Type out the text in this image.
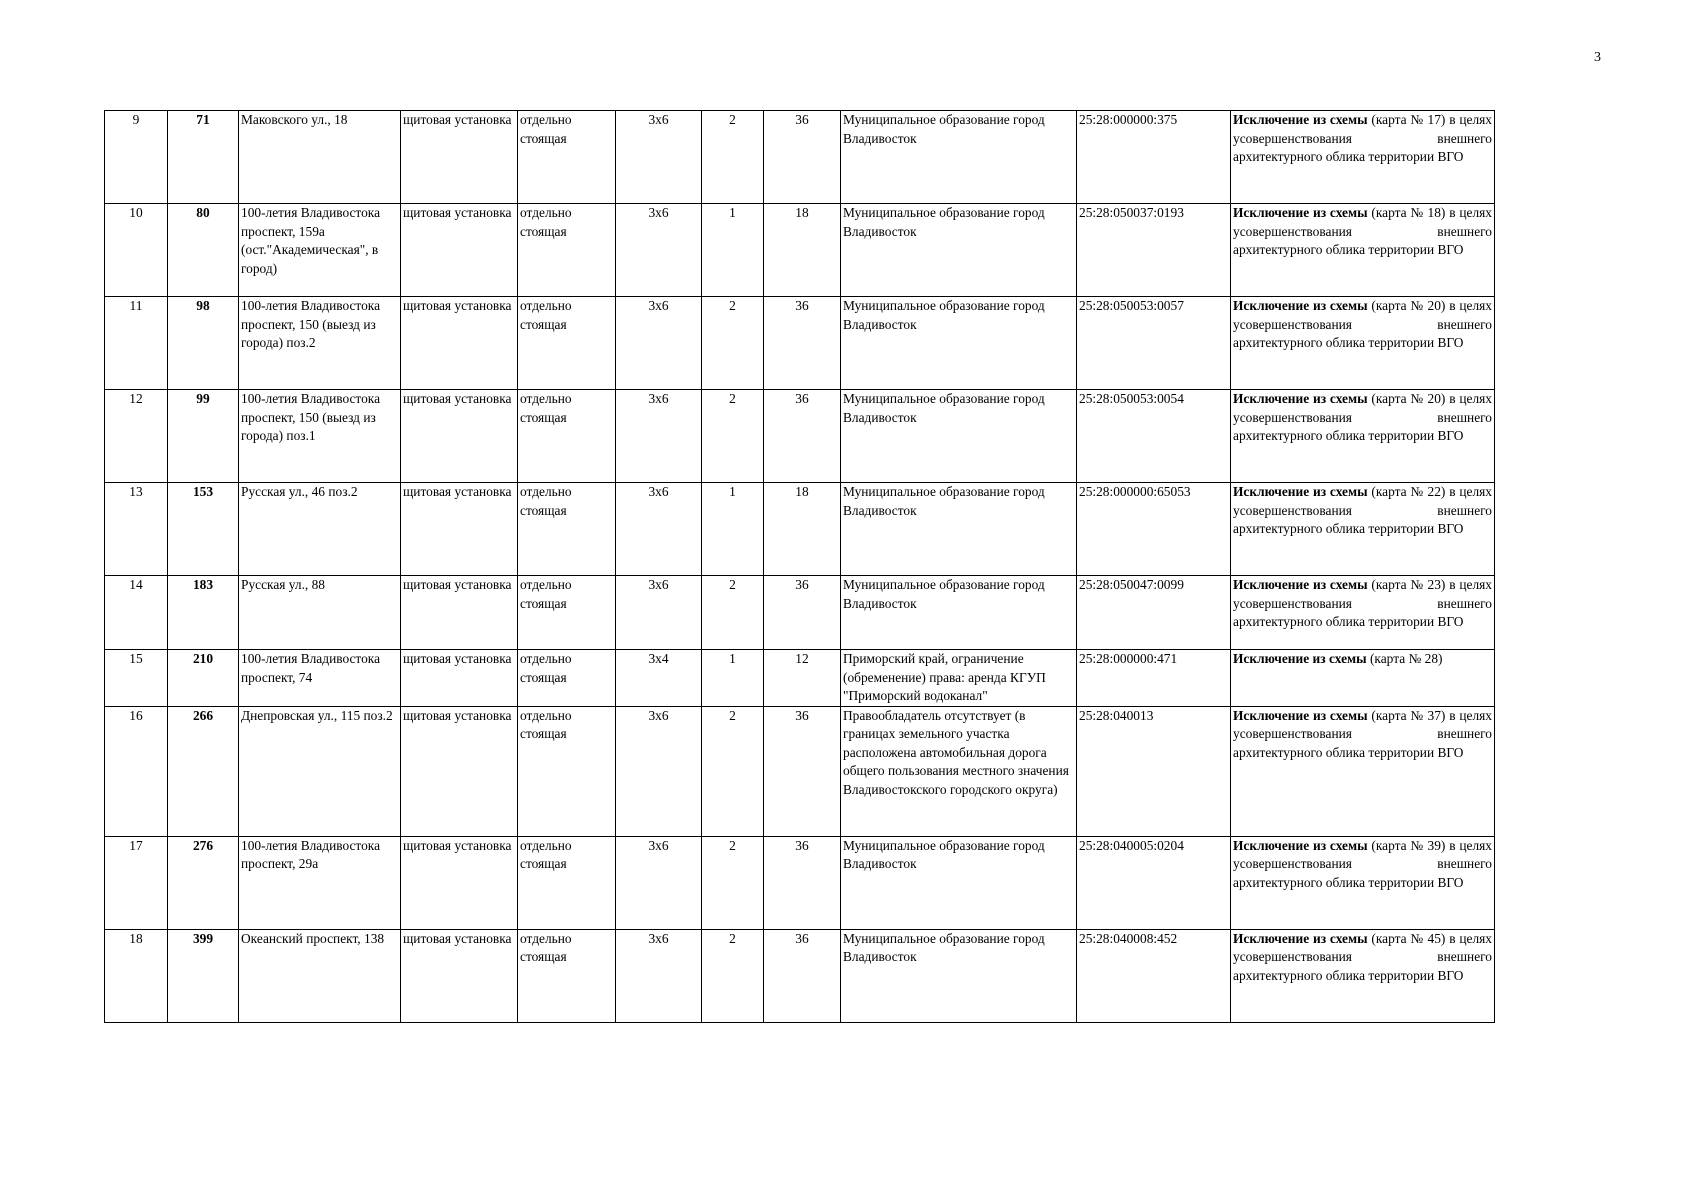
3
9	71	Маковского ул., 18	щитовая установка	отдельно стоящая	3х6	2	36	Муниципальное образование город Владивосток	25:28:000000:375	Исключение из схемы (карта № 17) в целях усовершенствования внешнего архитектурного облика территории ВГО
10	80	100-летия Владивостока проспект, 159а (ост."Академическая", в город)	щитовая установка	отдельно стоящая	3х6	1	18	Муниципальное образование город Владивосток	25:28:050037:0193	Исключение из схемы (карта № 18) в целях усовершенствования внешнего архитектурного облика территории ВГО
11	98	100-летия Владивостока проспект, 150 (выезд из города) поз.2	щитовая установка	отдельно стоящая	3х6	2	36	Муниципальное образование город Владивосток	25:28:050053:0057	Исключение из схемы (карта № 20) в целях усовершенствования внешнего архитектурного облика территории ВГО
12	99	100-летия Владивостока проспект, 150 (выезд из города) поз.1	щитовая установка	отдельно стоящая	3х6	2	36	Муниципальное образование город Владивосток	25:28:050053:0054	Исключение из схемы (карта № 20) в целях усовершенствования внешнего архитектурного облика территории ВГО
13	153	Русская ул., 46 поз.2	щитовая установка	отдельно стоящая	3х6	1	18	Муниципальное образование город Владивосток	25:28:000000:65053	Исключение из схемы (карта № 22) в целях усовершенствования внешнего архитектурного облика территории ВГО
14	183	Русская ул., 88	щитовая установка	отдельно стоящая	3х6	2	36	Муниципальное образование город Владивосток	25:28:050047:0099	Исключение из схемы (карта № 23) в целях усовершенствования внешнего архитектурного облика территории ВГО
15	210	100-летия Владивостока проспект, 74	щитовая установка	отдельно стоящая	3х4	1	12	Приморский край, ограничение (обременение) права: аренда КГУП "Приморский водоканал"	25:28:000000:471	Исключение из схемы (карта № 28)
16	266	Днепровская ул., 115 поз.2	щитовая установка	отдельно стоящая	3х6	2	36	Правообладатель отсутствует (в границах земельного участка расположена автомобильная дорога общего пользования местного значения Владивостокского городского округа)	25:28:040013	Исключение из схемы (карта № 37) в целях усовершенствования внешнего архитектурного облика территории ВГО
17	276	100-летия Владивостока проспект, 29а	щитовая установка	отдельно стоящая	3х6	2	36	Муниципальное образование город Владивосток	25:28:040005:0204	Исключение из схемы (карта № 39) в целях усовершенствования внешнего архитектурного облика территории ВГО
18	399	Океанский проспект, 138	щитовая установка	отдельно стоящая	3х6	2	36	Муниципальное образование город Владивосток	25:28:040008:452	Исключение из схемы (карта № 45) в целях усовершенствования внешнего архитектурного облика территории ВГО
